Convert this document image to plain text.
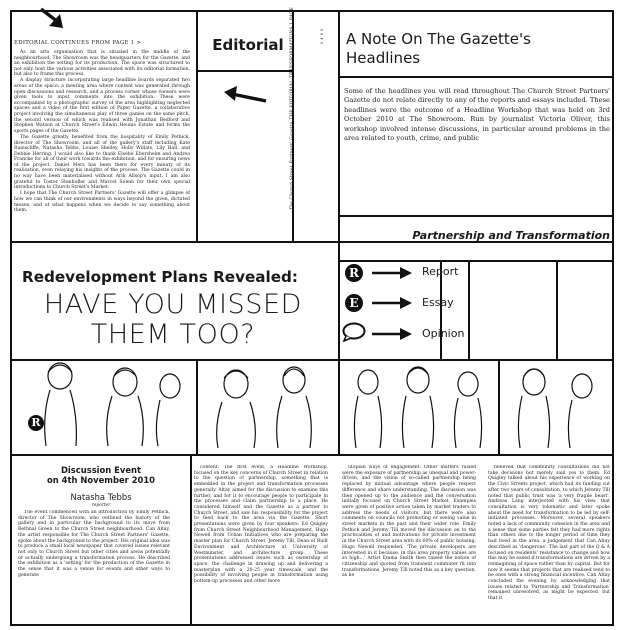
EDITORIAL CONTINUES FROM PAGE 1 >

As an arts organisation that is situated in the middle of the neighbourhood, The Showroom was the headquarters for the Gazette, and an exhibition the setting for its production. The space was structured to not only host the various activities associated with its editorial formation, but also to frame this process.

A display structure incorporating large headline boards separated two areas of the space: a meeting area where content was generated through open discussions and research, and a process corner whose viewers were given tools to input comments into the exhibition. These were accompanied by a photographic survey of the area highlighting neglected spaces and a video of the first edition of Paper Gazette, a collaborative project involving the simultaneous play of three games on the same pitch, the second version of which was realised with Jonathan Bedford and Stephen Watson at Church Street's Edwin Heunis Estate and forms the sports pages of the Gazette.

The Gazette greatly benefited from the hospitality of Emily Pethick, director of The Showroom, and all of the gallery's staff including Kate Rainscliffe, Natasha Tebbs, Louise Shelley, Holly Willats, Lily Hall, and Debbie Herring. I would also like to thank Elsebe Ebersheim and Andrea Francke for all of their work towards the exhibition, and for ensuring news of the project, Daniel Merz has been there for every minuty of its realisation, even relaying his insights of the process. The Gazette could in no way have been materialised without Arik Allsop's input. I am also grateful to Toster Stenhofler and Marcel Solem for their own special introductions to Church Street's Market.

I hope that The Church Street Partners' Gazette will offer a glimpse of how we can think of our environments in ways beyond the given, dictated means, and of what happens when we decide to say something about them.

Editorial	The Church Street Partners' Gazette THE EDITORIAL TRANSFORMATIONS 1 PAGE	5 4 0 0 A Note On The Gazette's Headlines
Some of the headlines you will read throughout The Church Street Partners' Gazette do not relate directly to any of the reports and essays included. These headlines were the outcome of a Headline Workshop that was held on 3rd October 2010 at The Showroom. Run by journalist Victoria Oliver, this workshop involved intense discussions, in particular around problems in the area related to youth, crime, and public
Partnership and Transformation
Redevelopment Plans Revealed:
HAVE YOU MISSED
THEM TOO?
R	Report
E	Essay
Opinion
R
Discussion Event
on 4th November 2010
Natasha Tebbs
reporter

The event commenced with an introduction by Emily Pethick, director of The Showroom, who outlined the history of the gallery and in particular the background to its move from Bethnal Green to the Church Street neighbourhood. Can Altay, the artist responsible for The Church Street Partners' Gazette, spoke about the background to the project. His original idea was to produce a small local newspaper that covered issues relevant not only to Church Street but other cities and areas potentially or actually undergoing a transformation process. He described the exhibition as a 'setting' for the production of the Gazette in the sense that it was a venue for events and other ways to generate

content. The first event, a Headline Workshop, focused on the key concerns of Church Street in relation to the question of partnership, something that is embedded in the project and transformation processes generally. Altay aimed for the discussion to examine this further, and for it to encourage people to participate in the processes and claim partnership to a place. He considered himself and the Gazette as a partner to Church Street, and saw his responsibility for the project to feed back to the area via the Gazette. Short presentations were given by four speakers: Ed Quigley from Church Street Neighbourhood Management, Hugo Newell from Urban Initiatives who are preparing the master plan for Church Street, Jeremy Till, Dean of Built Environment and Architecture at University of Westminster, and architecture group. These presentations addressed issues such as ownership of space, the challenge in drawing up and delivering a masterplan with a 20-25 year timescale, and the possibility of involving people in transformation using bottom-up processes and other more

utopian ways of engagement. Other matters raised were the exposure of partnership as unequal and power-driven, and the vision of so-called partnership being replaced by mutual advantage where people respect difference and share understanding. The discussion was then opened up to the audience and the conversation initially focused on Church Street Market. Examples were given of positive action taken by market traders to address the needs of visitors, but there were also comments on councils not promoting or seeing value in street markets in the past and their wider role. Emily Pethick and Jeremy Till moved the discussion on to the practicalities of and motivations for private investment in the Church Street area with its 60% of public housing. Hugo Newell responded, 'The private developers are interested in it because, in this area property values are so high...' Artist Emma Smith then raised the notion of citizenship and quoted from transient commuter fit into transformations. Jeremy Till noted this as a key question, as he

believed that community consultations did not take decisions but merely said yes to them. Ed Quigley talked about his experience of working on the Civic Streets project, which had its funding cut after two years of consultation, to which Jeremy Till noted that public trust was 'a very fragile beast'. Andreas Lang interjected with his view that consultation is very tokenistic and later spoke about the need for transformation to be led by self-initiated processes. Moreover, several speakers noted a lack of community cohesion in the area and a sense that some parties felt they had more rights than others due to the longer period of time they had lived in the area, a judgement that Can Altay described as 'dangerous'. The last part of the Q & A focused on residents' resistance to change and how this may be eased if transformations are driven by a reimagining of space rather than by capital. But for now it seems that projects that are realised tend to be ones with a strong financial incentive. Can Altay concluded the evening by acknowledging that issues related to 'Partnership and Transformation' remained unresolved, as might be expected, but that it
